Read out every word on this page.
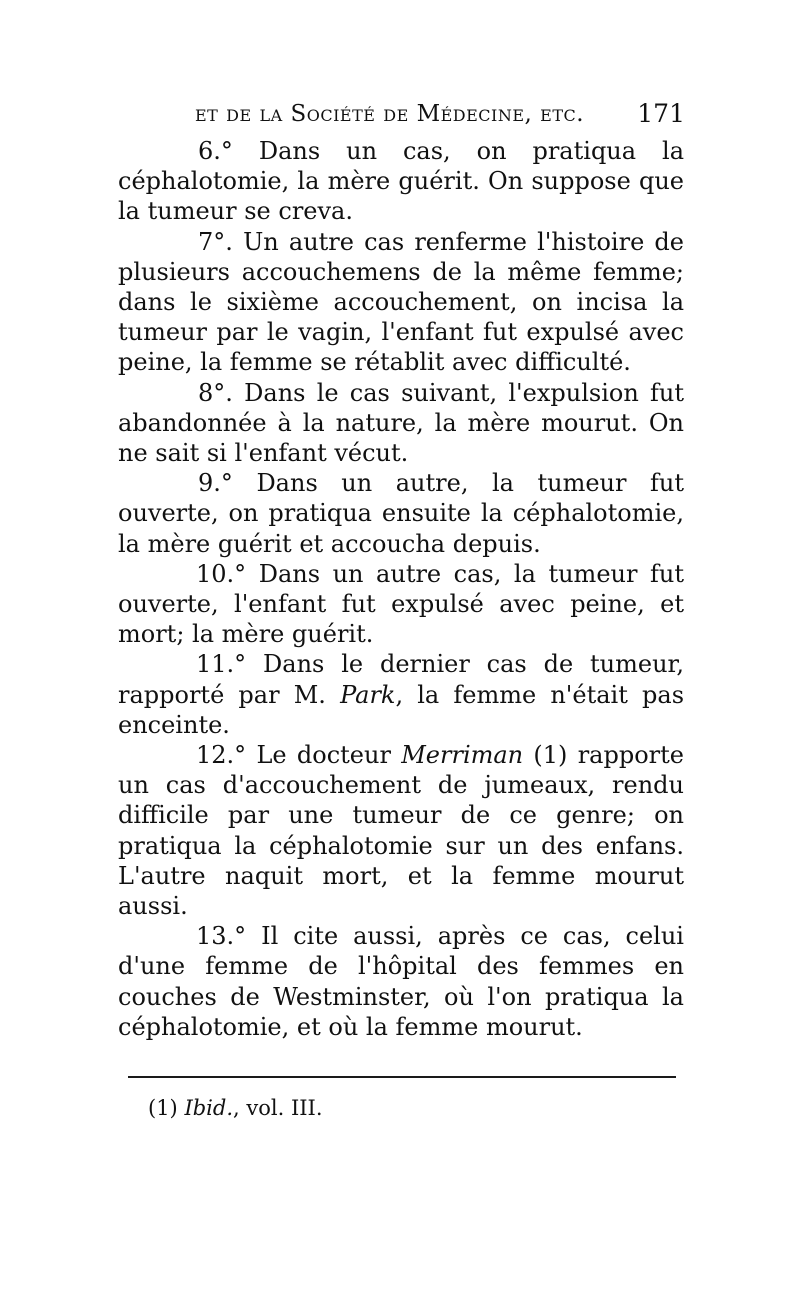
et de la Société de Médecine, etc. 171

6.° Dans un cas, on pratiqua la céphalotomie, la mère guérit. On suppose que la tumeur se creva.

7°. Un autre cas renferme l'histoire de plusieurs accouchemens de la même femme; dans le sixième accouchement, on incisa la tumeur par le vagin, l'enfant fut expulsé avec peine, la femme se rétablit avec difficulté.

8°. Dans le cas suivant, l'expulsion fut abandonnée à la nature, la mère mourut. On ne sait si l'enfant vécut.

9.° Dans un autre, la tumeur fut ouverte, on pratiqua ensuite la céphalotomie, la mère guérit et accoucha depuis.

10.° Dans un autre cas, la tumeur fut ouverte, l'enfant fut expulsé avec peine, et mort; la mère guérit.

11.° Dans le dernier cas de tumeur, rapporté par M. Park, la femme n'était pas enceinte.

12.° Le docteur Merriman (1) rapporte un cas d'accouchement de jumeaux, rendu difficile par une tumeur de ce genre; on pratiqua la céphalotomie sur un des enfans. L'autre naquit mort, et la femme mourut aussi.

13.° Il cite aussi, après ce cas, celui d'une femme de l'hôpital des femmes en couches de Westminster, où l'on pratiqua la céphalotomie, et où la femme mourut.

(1) Ibid., vol. III.
